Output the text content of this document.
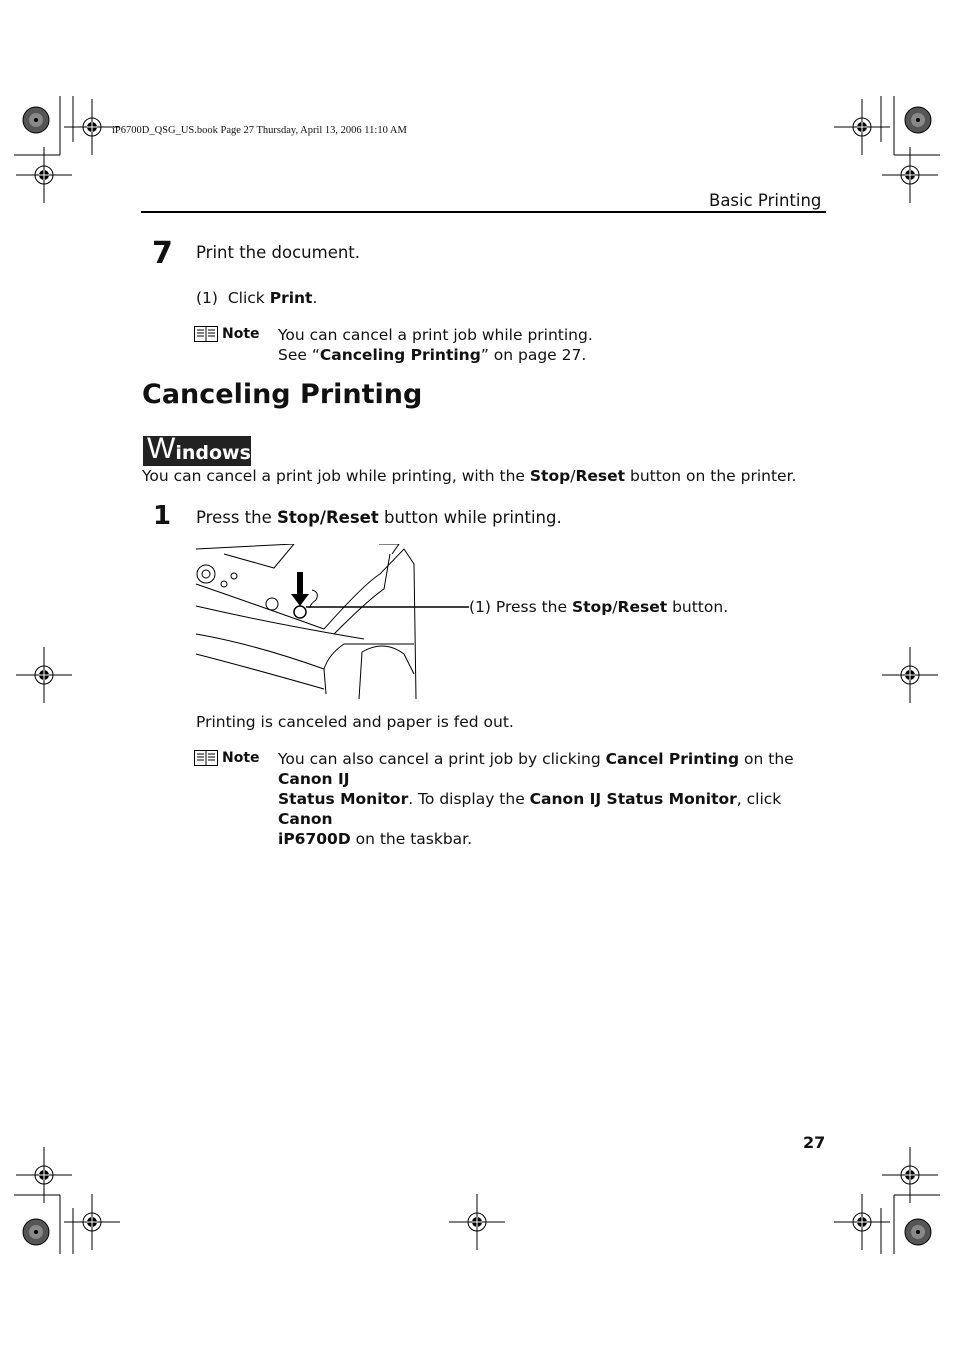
iP6700D_QSG_US.book Page 27 Thursday, April 13, 2006 11:10 AM
Basic Printing
7 Print the document.
(1) Click Print.
Note You can cancel a print job while printing.
See “Canceling Printing” on page 27.
Canceling Printing
W indows
You can cancel a print job while printing, with the Stop/Reset button on the printer.
1 Press the Stop/Reset button while printing.
(1) Press the Stop/Reset button.
Printing is canceled and paper is fed out.
Note You can also cancel a print job by clicking Cancel Printing on the Canon IJ
Status Monitor. To display the Canon IJ Status Monitor, click Canon
iP6700D on the taskbar.
27
